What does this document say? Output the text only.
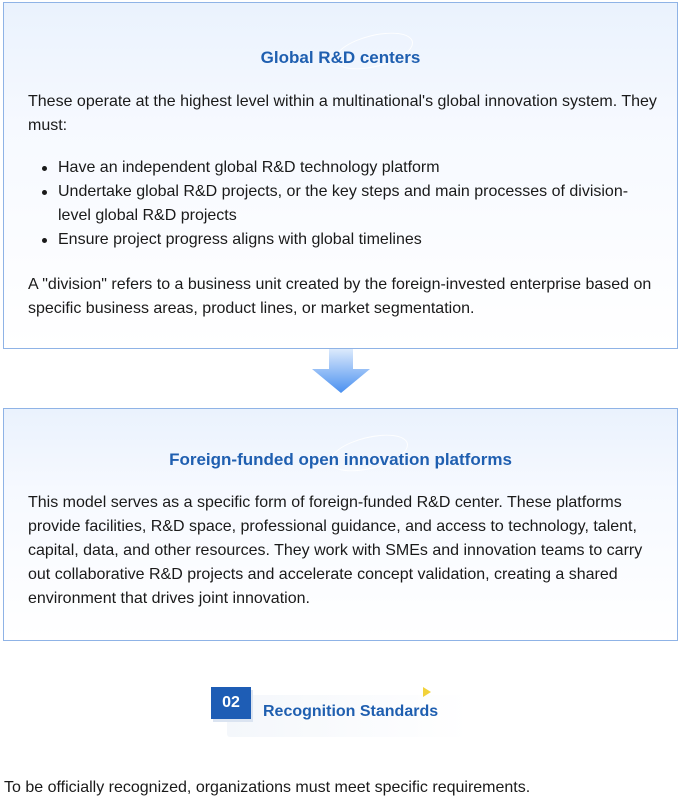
Global R&D centers

These operate at the highest level within a multinational's global innovation system. They must:

Have an independent global R&D technology platform
Undertake global R&D projects, or the key steps and main processes of division-level global R&D projects
Ensure project progress aligns with global timelines

A "division" refers to a business unit created by the foreign-invested enterprise based on specific business areas, product lines, or market segmentation.

Foreign-funded open innovation platforms

This model serves as a specific form of foreign-funded R&D center. These platforms provide facilities, R&D space, professional guidance, and access to technology, talent, capital, data, and other resources. They work with SMEs and innovation teams to carry out collaborative R&D projects and accelerate concept validation, creating a shared environment that drives joint innovation.

02
Recognition Standards

To be officially recognized, organizations must meet specific requirements.
